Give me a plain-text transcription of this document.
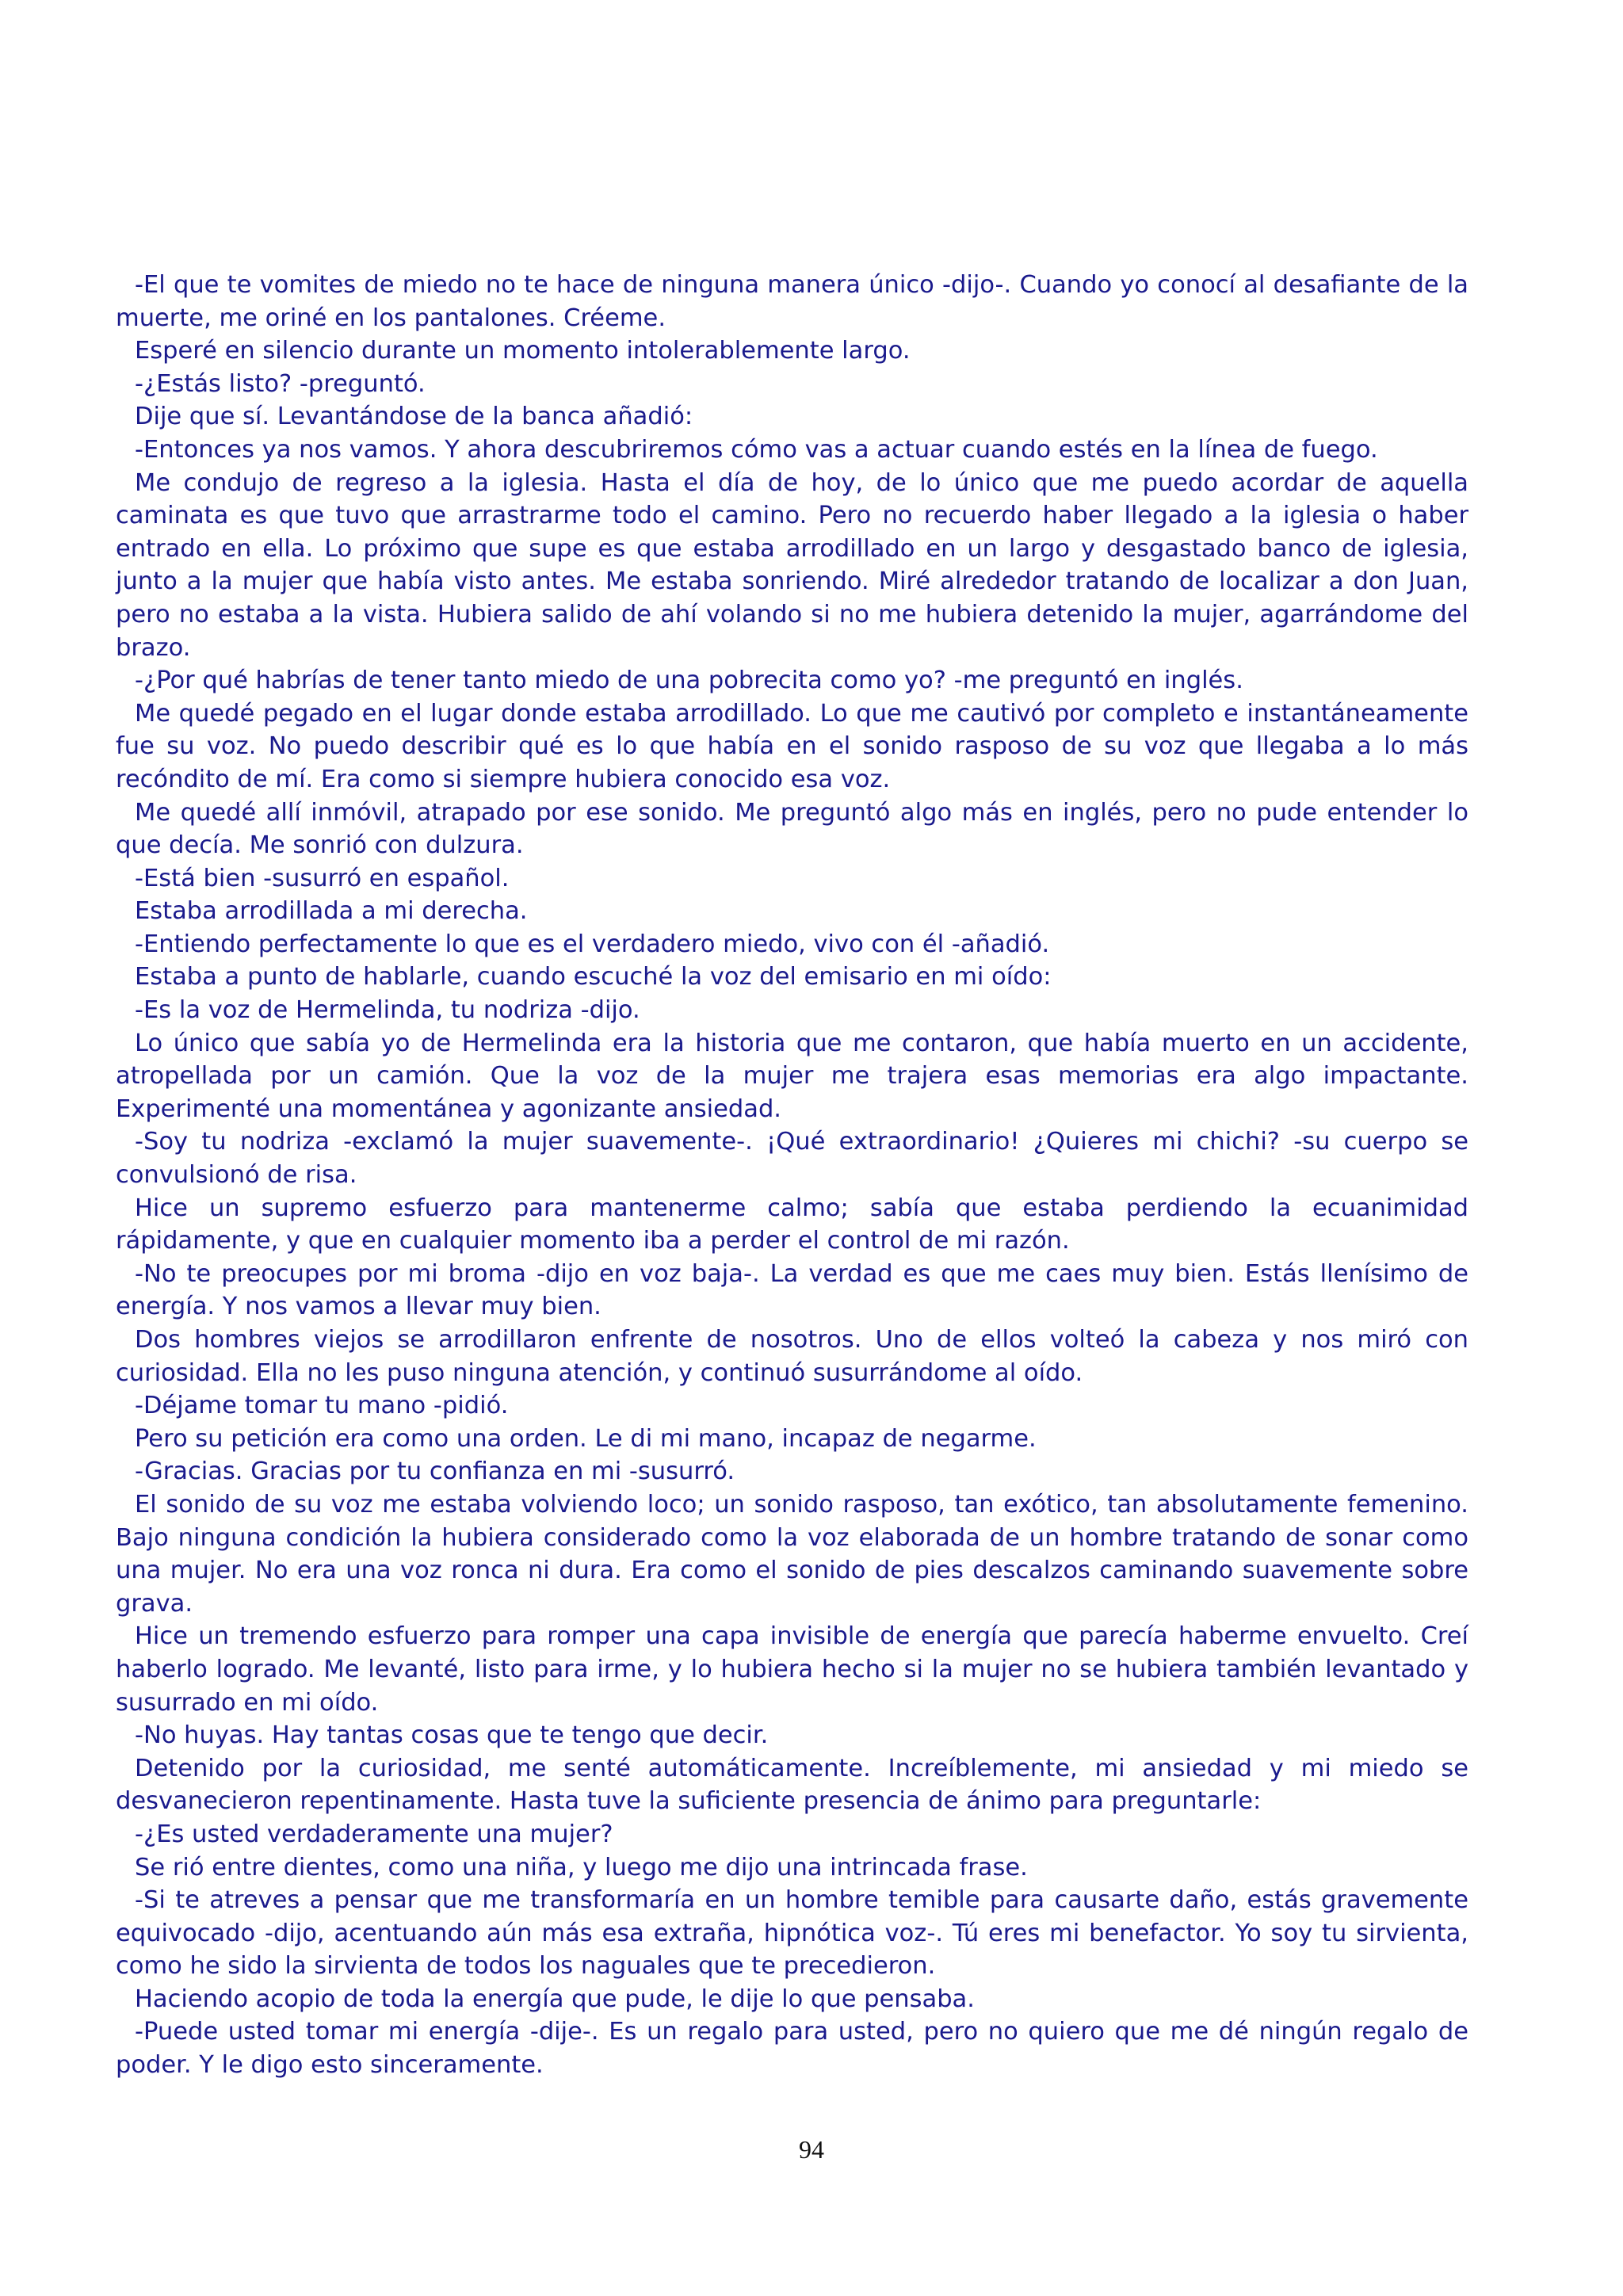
-El que te vomites de miedo no te hace de ninguna manera único -dijo-. Cuando yo conocí al desafiante de la muerte, me oriné en los pantalones. Créeme.

Esperé en silencio durante un momento intolerablemente largo.

-¿Estás listo? -preguntó.

Dije que sí. Levantándose de la banca añadió:

-Entonces ya nos vamos. Y ahora descubriremos cómo vas a actuar cuando estés en la línea de fuego.

Me condujo de regreso a la iglesia. Hasta el día de hoy, de lo único que me puedo acordar de aquella caminata es que tuvo que arrastrarme todo el camino. Pero no recuerdo haber llegado a la iglesia o haber entrado en ella. Lo próximo que supe es que estaba arrodillado en un largo y desgastado banco de iglesia, junto a la mujer que había visto antes. Me estaba sonriendo. Miré alrededor tratando de localizar a don Juan, pero no estaba a la vista. Hubiera salido de ahí volando si no me hubiera detenido la mujer, agarrándome del brazo.

-¿Por qué habrías de tener tanto miedo de una pobrecita como yo? -me preguntó en inglés.

Me quedé pegado en el lugar donde estaba arrodillado. Lo que me cautivó por completo e instantáneamente fue su voz. No puedo describir qué es lo que había en el sonido rasposo de su voz que llegaba a lo más recóndito de mí. Era como si siempre hubiera conocido esa voz.

Me quedé allí inmóvil, atrapado por ese sonido. Me preguntó algo más en inglés, pero no pude entender lo que decía. Me sonrió con dulzura.

-Está bien -susurró en español.

Estaba arrodillada a mi derecha.

-Entiendo perfectamente lo que es el verdadero miedo, vivo con él -añadió.

Estaba a punto de hablarle, cuando escuché la voz del emisario en mi oído:

-Es la voz de Hermelinda, tu nodriza -dijo.

Lo único que sabía yo de Hermelinda era la historia que me contaron, que había muerto en un accidente, atropellada por un camión. Que la voz de la mujer me trajera esas memorias era algo impactante. Experimenté una momentánea y agonizante ansiedad.

-Soy tu nodriza -exclamó la mujer suavemente-. ¡Qué extraordinario! ¿Quieres mi chichi? -su cuerpo se convulsionó de risa.

Hice un supremo esfuerzo para mantenerme calmo; sabía que estaba perdiendo la ecuanimidad rápidamente, y que en cualquier momento iba a perder el control de mi razón.

-No te preocupes por mi broma -dijo en voz baja-. La verdad es que me caes muy bien. Estás llenísimo de energía. Y nos vamos a llevar muy bien.

Dos hombres viejos se arrodillaron enfrente de nosotros. Uno de ellos volteó la cabeza y nos miró con curiosidad. Ella no les puso ninguna atención, y continuó susurrándome al oído.

-Déjame tomar tu mano -pidió.

Pero su petición era como una orden. Le di mi mano, incapaz de negarme.

-Gracias. Gracias por tu confianza en mi -susurró.

El sonido de su voz me estaba volviendo loco; un sonido rasposo, tan exótico, tan absolutamente femenino. Bajo ninguna condición la hubiera considerado como la voz elaborada de un hombre tratando de sonar como una mujer. No era una voz ronca ni dura. Era como el sonido de pies descalzos caminando suavemente sobre grava.

Hice un tremendo esfuerzo para romper una capa invisible de energía que parecía haberme envuelto. Creí haberlo logrado. Me levanté, listo para irme, y lo hubiera hecho si la mujer no se hubiera también levantado y susurrado en mi oído.

-No huyas. Hay tantas cosas que te tengo que decir.

Detenido por la curiosidad, me senté automáticamente. Increíblemente, mi ansiedad y mi miedo se desvanecieron repentinamente. Hasta tuve la suficiente presencia de ánimo para preguntarle:

-¿Es usted verdaderamente una mujer?

Se rió entre dientes, como una niña, y luego me dijo una intrincada frase.

-Si te atreves a pensar que me transformaría en un hombre temible para causarte daño, estás gravemente equivocado -dijo, acentuando aún más esa extraña, hipnótica voz-. Tú eres mi benefactor. Yo soy tu sirvienta, como he sido la sirvienta de todos los naguales que te precedieron.

Haciendo acopio de toda la energía que pude, le dije lo que pensaba.

-Puede usted tomar mi energía -dije-. Es un regalo para usted, pero no quiero que me dé ningún regalo de poder. Y le digo esto sinceramente.

94
